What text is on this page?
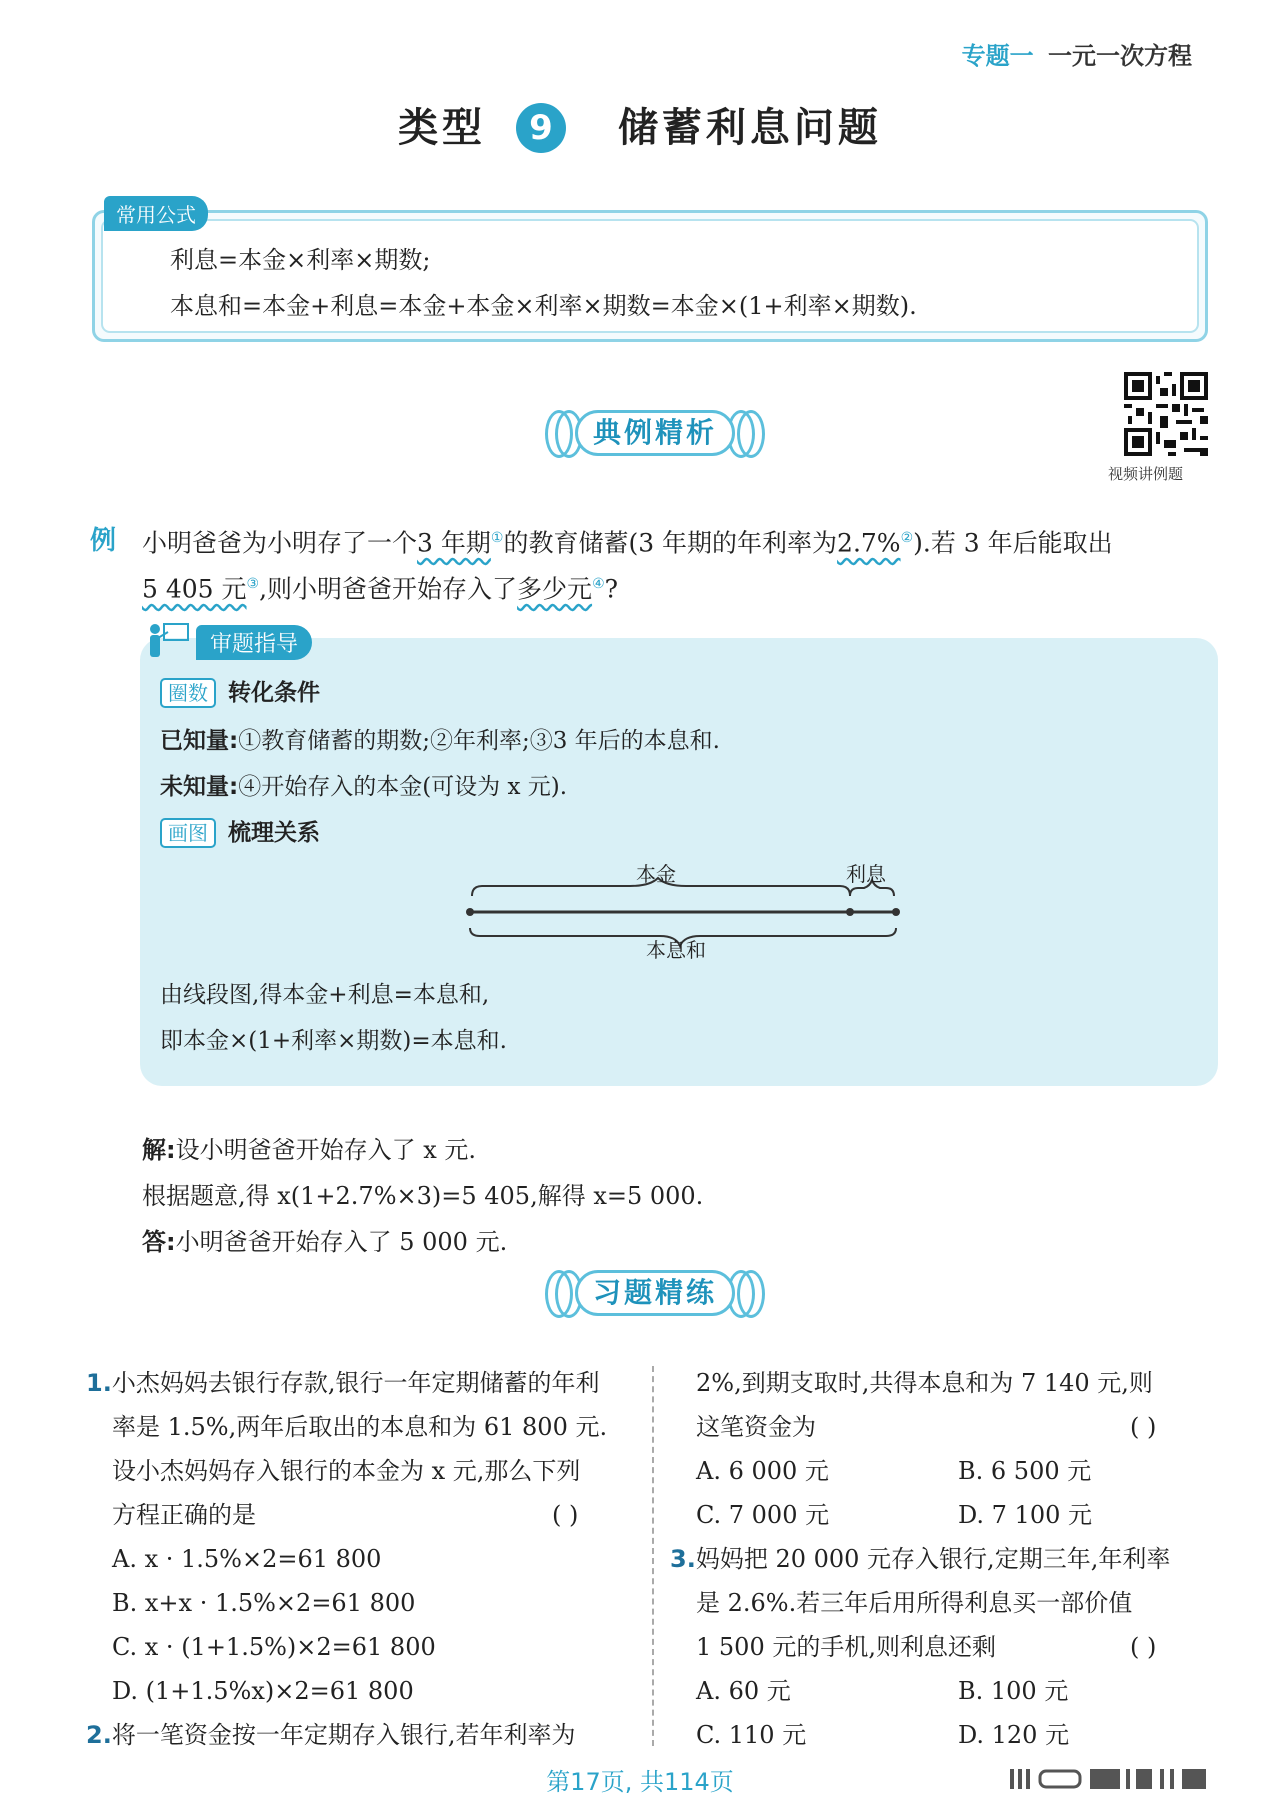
专题一 一元一次方程
类型 9 储蓄利息问题
常用公式
利息=本金×利率×期数;
本息和=本金+利息=本金+本金×利率×期数=本金×(1+利率×期数).
视频讲例题
典例精析
例 小明爸爸为小明存了一个3 年期①的教育储蓄(3 年期的年利率为2.7%②).若 3 年后能取出
5 405 元③,则小明爸爸开始存入了多少元④?
审题指导
圈数 转化条件
已知量:①教育储蓄的期数;②年利率;③3 年后的本息和.
未知量:④开始存入的本金(可设为 x 元).
画图 梳理关系
本金	利息
本息和
由线段图,得本金+利息=本息和,
即本金×(1+利率×期数)=本息和.
解:设小明爸爸开始存入了 x 元.
根据题意,得 x(1+2.7%×3)=5 405,解得 x=5 000.
答:小明爸爸开始存入了 5 000 元.
习题精练
1.小杰妈妈去银行存款,银行一年定期储蓄的年利
率是 1.5%,两年后取出的本息和为 61 800 元.
设小杰妈妈存入银行的本金为 x 元,那么下列
方程正确的是	( )
A. x · 1.5%×2=61 800
B. x+x · 1.5%×2=61 800
C. x · (1+1.5%)×2=61 800
D. (1+1.5%x)×2=61 800
2.将一笔资金按一年定期存入银行,若年利率为
2%,到期支取时,共得本息和为 7 140 元,则
这笔资金为	( )
A. 6 000 元	B. 6 500 元
C. 7 000 元	D. 7 100 元
3.妈妈把 20 000 元存入银行,定期三年,年利率
是 2.6%.若三年后用所得利息买一部价值
1 500 元的手机,则利息还剩	( )
A. 60 元	B. 100 元
C. 110 元	D. 120 元
第17页, 共114页
